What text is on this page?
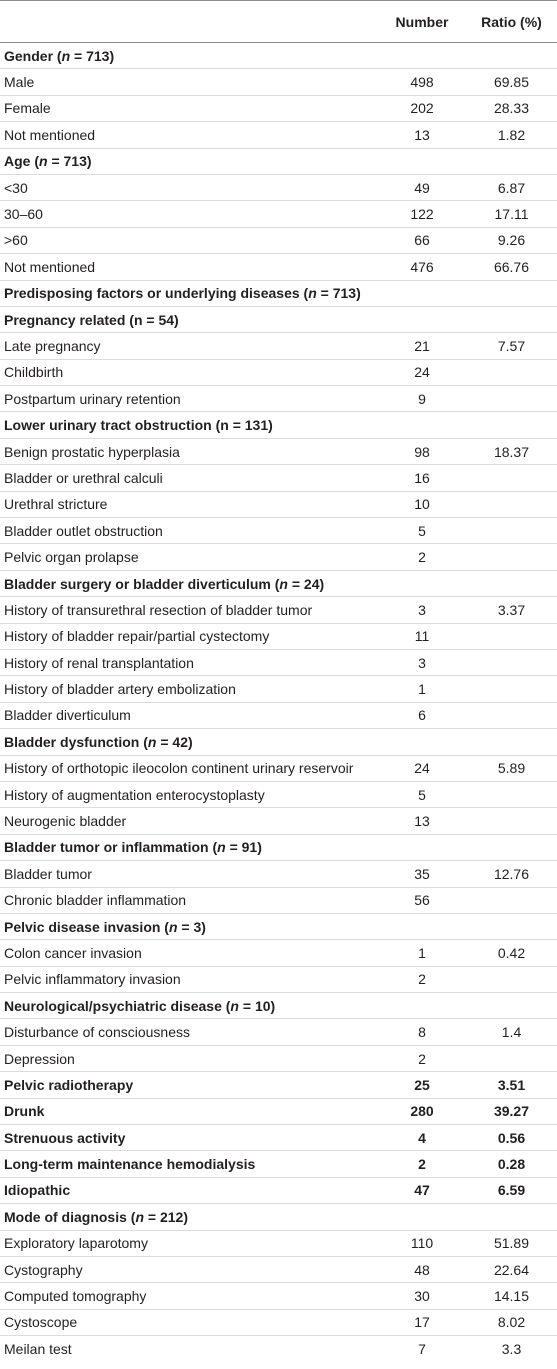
	Number	Ratio (%)
Gender (n = 713)		
Male	498	69.85
Female	202	28.33
Not mentioned	13	1.82
Age (n = 713)		
<30	49	6.87
30–60	122	17.11
>60	66	9.26
Not mentioned	476	66.76
Predisposing factors or underlying diseases (n = 713)		
Pregnancy related (n = 54)		
Late pregnancy	21	7.57
Childbirth	24	
Postpartum urinary retention	9	
Lower urinary tract obstruction (n = 131)		
Benign prostatic hyperplasia	98	18.37
Bladder or urethral calculi	16	
Urethral stricture	10	
Bladder outlet obstruction	5	
Pelvic organ prolapse	2	
Bladder surgery or bladder diverticulum (n = 24)		
History of transurethral resection of bladder tumor	3	3.37
History of bladder repair/partial cystectomy	11	
History of renal transplantation	3	
History of bladder artery embolization	1	
Bladder diverticulum	6	
Bladder dysfunction (n = 42)		
History of orthotopic ileocolon continent urinary reservoir	24	5.89
History of augmentation enterocystoplasty	5	
Neurogenic bladder	13	
Bladder tumor or inflammation (n = 91)		
Bladder tumor	35	12.76
Chronic bladder inflammation	56	
Pelvic disease invasion (n = 3)		
Colon cancer invasion	1	0.42
Pelvic inflammatory invasion	2	
Neurological/psychiatric disease (n = 10)		
Disturbance of consciousness	8	1.4
Depression	2	
Pelvic radiotherapy	25	3.51
Drunk	280	39.27
Strenuous activity	4	0.56
Long-term maintenance hemodialysis	2	0.28
Idiopathic	47	6.59
Mode of diagnosis (n = 212)		
Exploratory laparotomy	110	51.89
Cystography	48	22.64
Computed tomography	30	14.15
Cystoscope	17	8.02
Meilan test	7	3.3
